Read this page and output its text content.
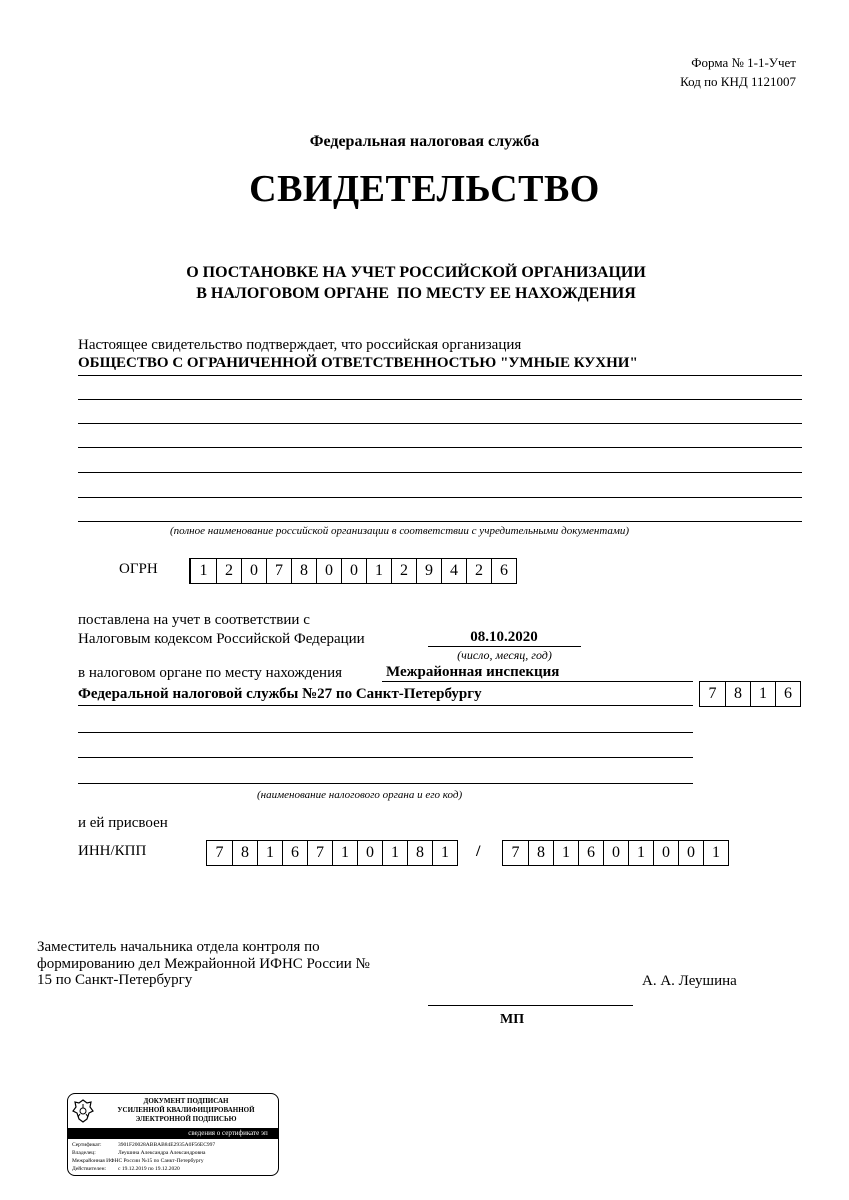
Форма № 1-1-Учет
Код по КНД 1121007
Федеральная налоговая служба
СВИДЕТЕЛЬСТВО
О ПОСТАНОВКЕ НА УЧЕТ РОССИЙСКОЙ ОРГАНИЗАЦИИ
В НАЛОГОВОМ ОРГАНЕ  ПО МЕСТУ ЕЕ НАХОЖДЕНИЯ
Настоящее свидетельство подтверждает, что российская организация
ОБЩЕСТВО С ОГРАНИЧЕННОЙ ОТВЕТСТВЕННОСТЬЮ "УМНЫЕ КУХНИ"
(полное наименование российской организации в соответствии с учредительными документами)
ОГРН	1	2	0	7	8	0	0	1	2	9	4	2	6
поставлена на учет в соответствии с
Налоговым кодексом Российской Федерации	08.10.2020
(число, месяц, год)
в налоговом органе по месту нахождения	Межрайонная инспекция
Федеральной налоговой службы №27 по Санкт-Петербургу	7	8	1	6
(наименование налогового органа и его код)
и ей присвоен
ИНН/КПП	7	8	1	6	7	1	0	1	8	1	/	7	8	1	6	0	1	0	0	1
Заместитель начальника отдела контроля по
формированию дел Межрайонной ИФНС России №
15 по Санкт-Петербургу	А. А. Леушина
МП
ДОКУМЕНТ ПОДПИСАН
УСИЛЕННОЙ КВАЛИФИЦИРОВАННОЙ
ЭЛЕКТРОННОЙ ПОДПИСЬЮ
сведения о сертификате эп
Сертификат:	3901F20028ABBAB84E2935A0F56EC997
Владелец:	Леушина Александра Александровна
Межрайонная ИФНС России №15 по Санкт-Петербургу
Действителен: с 19.12.2019 по 19.12.2020
